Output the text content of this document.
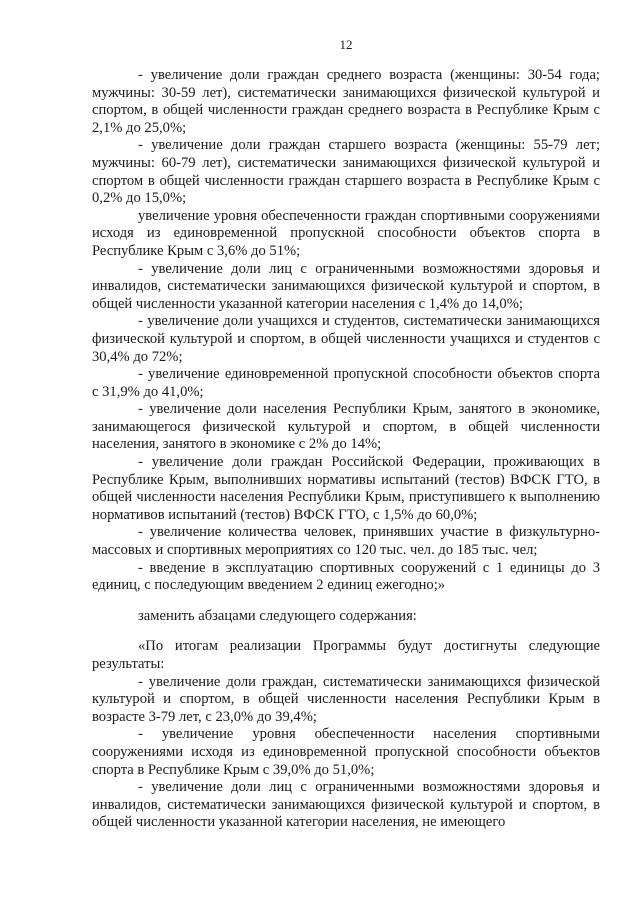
12

- увеличение доли граждан среднего возраста (женщины: 30-54 года; мужчины: 30-59 лет), систематически занимающихся физической культурой и спортом, в общей численности граждан среднего возраста в Республике Крым с 2,1% до 25,0%;

- увеличение доли граждан старшего возраста (женщины: 55-79 лет; мужчины: 60-79 лет), систематически занимающихся физической культурой и спортом в общей численности граждан старшего возраста в Республике Крым с 0,2% до 15,0%;

увеличение уровня обеспеченности граждан спортивными сооружениями исходя из единовременной пропускной способности объектов спорта в Республике Крым с 3,6% до 51%;

- увеличение доли лиц с ограниченными возможностями здоровья и инвалидов, систематически занимающихся физической культурой и спортом, в общей численности указанной категории населения с 1,4% до 14,0%;

- увеличение доли учащихся и студентов, систематически занимающихся физической культурой и спортом, в общей численности учащихся и студентов с 30,4% до 72%;

- увеличение единовременной пропускной способности объектов спорта с 31,9% до 41,0%;

- увеличение доли населения Республики Крым, занятого в экономике, занимающегося физической культурой и спортом, в общей численности населения, занятого в экономике с 2% до 14%;

- увеличение доли граждан Российской Федерации, проживающих в Республике Крым, выполнивших нормативы испытаний (тестов) ВФСК ГТО, в общей численности населения Республики Крым, приступившего к выполнению нормативов испытаний (тестов) ВФСК ГТО, с 1,5% до 60,0%;

- увеличение количества человек, принявших участие в физкультурно-массовых и спортивных мероприятиях со 120 тыс. чел. до 185 тыс. чел;

- введение в эксплуатацию спортивных сооружений с 1 единицы до 3 единиц, с последующим введением 2 единиц ежегодно;»

заменить абзацами следующего содержания:

«По итогам реализации Программы будут достигнуты следующие результаты:

- увеличение доли граждан, систематически занимающихся физической культурой и спортом, в общей численности населения Республики Крым в возрасте 3-79 лет, с 23,0% до 39,4%;

- увеличение уровня обеспеченности населения спортивными сооружениями исходя из единовременной пропускной способности объектов спорта в Республике Крым с 39,0% до 51,0%;

- увеличение доли лиц с ограниченными возможностями здоровья и инвалидов, систематически занимающихся физической культурой и спортом, в общей численности указанной категории населения, не имеющего
